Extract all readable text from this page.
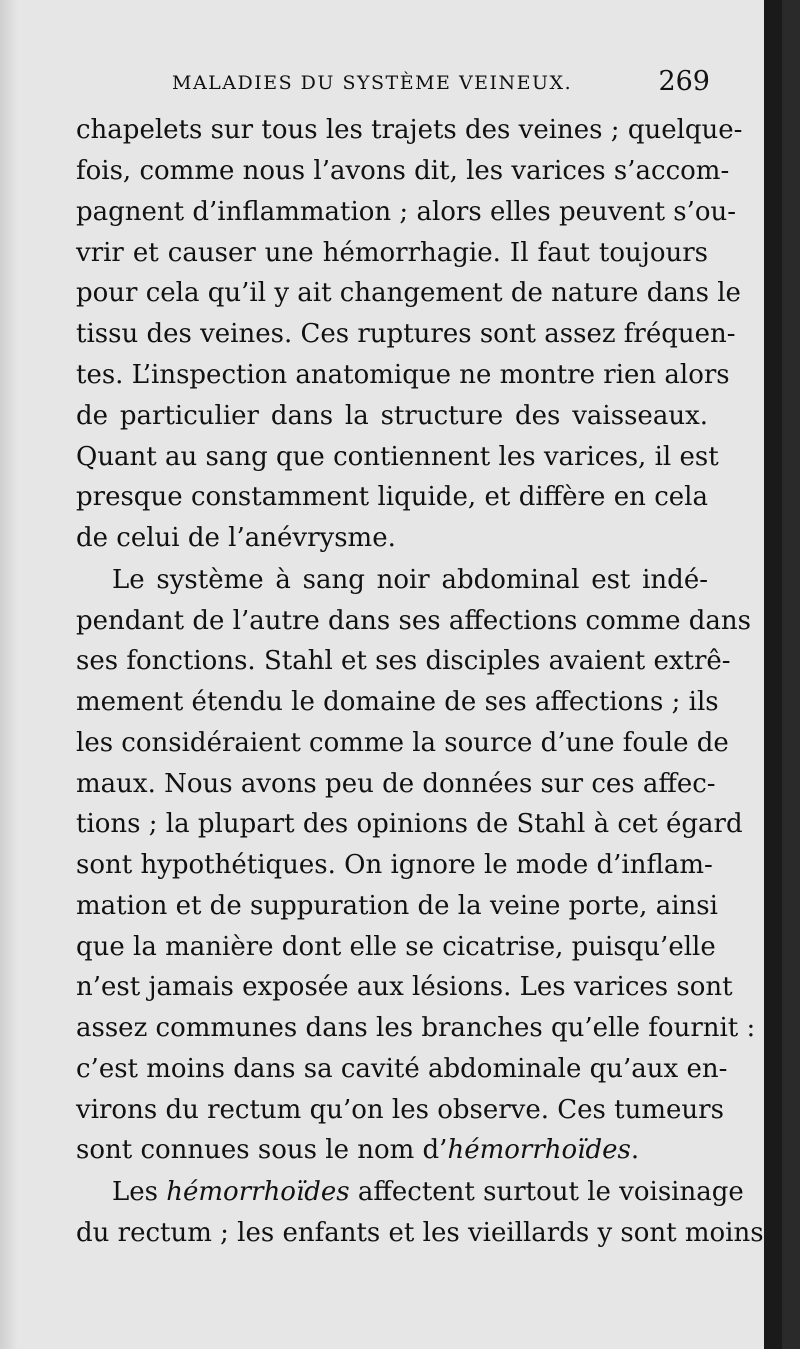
MALADIES DU SYSTÈME VEINEUX.	269
chapelets sur tous les trajets des veines ; quelque-
fois, comme nous l’avons dit, les varices s’accom-
pagnent d’inflammation ; alors elles peuvent s’ou-
vrir et causer une hémorrhagie. Il faut toujours
pour cela qu’il y ait changement de nature dans le
tissu des veines. Ces ruptures sont assez fréquen-
tes. L’inspection anatomique ne montre rien alors
de particulier dans la structure des vaisseaux.
Quant au sang que contiennent les varices, il est
presque constamment liquide, et diffère en cela
de celui de l’anévrysme.
Le système à sang noir abdominal est indé-
pendant de l’autre dans ses affections comme dans
ses fonctions. Stahl et ses disciples avaient extrê-
mement étendu le domaine de ses affections ; ils
les considéraient comme la source d’une foule de
maux. Nous avons peu de données sur ces affec-
tions ; la plupart des opinions de Stahl à cet égard
sont hypothétiques. On ignore le mode d’inflam-
mation et de suppuration de la veine porte, ainsi
que la manière dont elle se cicatrise, puisqu’elle
n’est jamais exposée aux lésions. Les varices sont
assez communes dans les branches qu’elle fournit :
c’est moins dans sa cavité abdominale qu’aux en-
virons du rectum qu’on les observe. Ces tumeurs
sont connues sous le nom d’hémorrhoïdes.
Les hémorrhoïdes affectent surtout le voisinage
du rectum ; les enfants et les vieillards y sont moins
